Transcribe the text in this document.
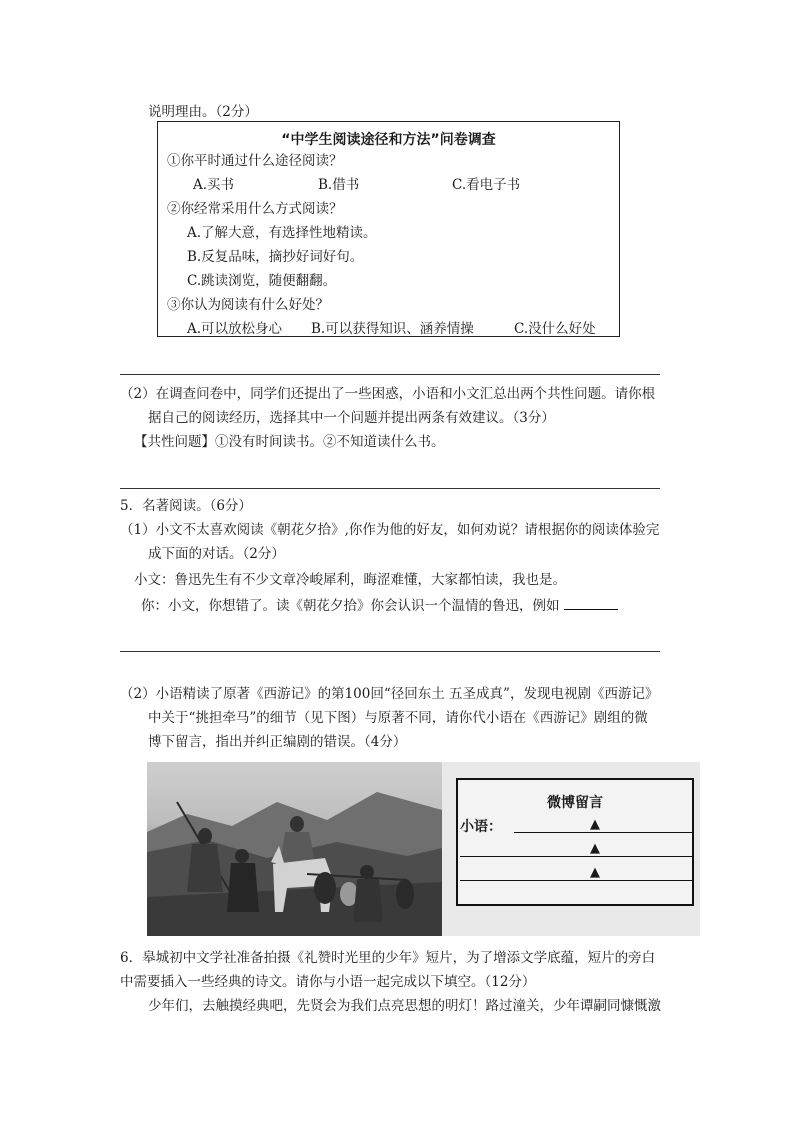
说明理由。（2分）
“中学生阅读途径和方法”问卷调查
①你平时通过什么途径阅读？
A.买书	B.借书	C.看电子书
②你经常采用什么方式阅读？
A.了解大意，有选择性地精读。
B.反复品味，摘抄好词好句。
C.跳读浏览，随便翻翻。
③你认为阅读有什么好处？
A.可以放松身心 B.可以获得知识、涵养情操	C.没什么好处
（2）在调查问卷中，同学们还提出了一些困惑，小语和小文汇总出两个共性问题。请你根
据自己的阅读经历，选择其中一个问题并提出两条有效建议。（3分）
【共性问题】①没有时间读书。②不知道读什么书。
5．名著阅读。（6分）
（1）小文不太喜欢阅读《朝花夕拾》,你作为他的好友，如何劝说？请根据你的阅读体验完
成下面的对话。（2分）
小文：鲁迅先生有不少文章冷峻犀利，晦涩难懂，大家都怕读，我也是。
你：小文，你想错了。读《朝花夕拾》你会认识一个温情的鲁迅，例如
（2）小语精读了原著《西游记》的第100回“径回东土 五圣成真”，发现电视剧《西游记》
中关于“挑担牵马”的细节（见下图）与原著不同，请你代小语在《西游记》剧组的微
博下留言，指出并纠正编剧的错误。（4分）
微博留言
小语：	▲
▲
▲
6．皋城初中文学社准备拍摄《礼赞时光里的少年》短片，为了增添文学底蕴，短片的旁白
中需要插入一些经典的诗文。请你与小语一起完成以下填空。（12分）
少年们，去触摸经典吧，先贤会为我们点亮思想的明灯！路过潼关，少年谭嗣同慷慨激
